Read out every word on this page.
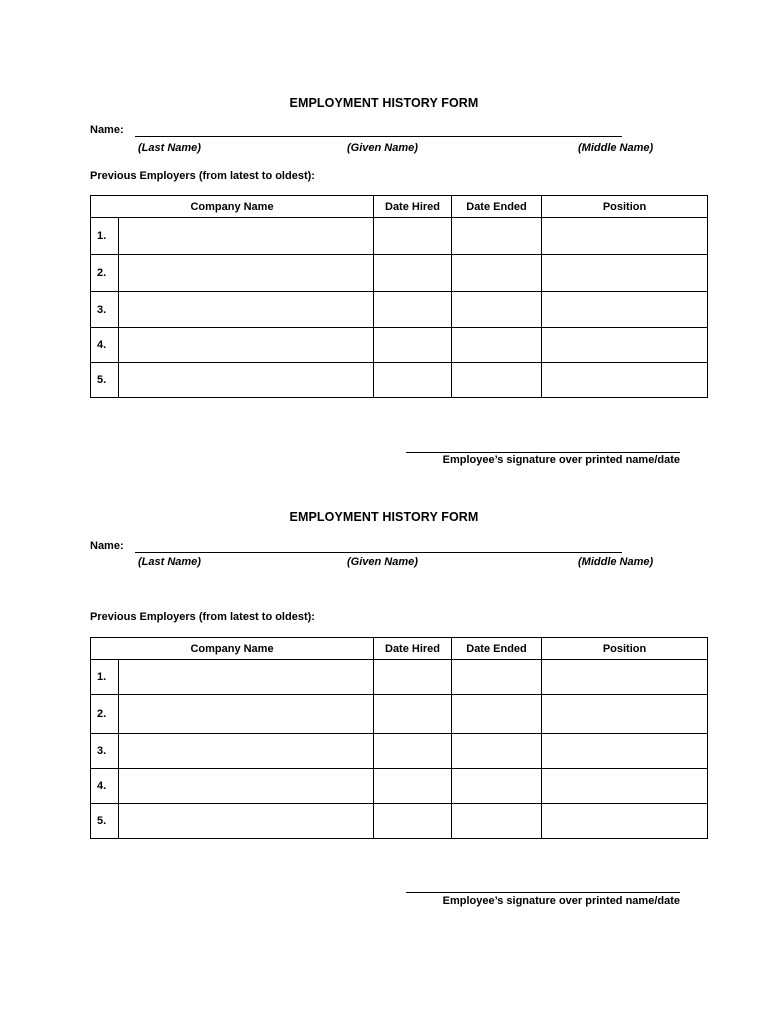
EMPLOYMENT HISTORY FORM
Name:
(Last Name)	(Given Name)	(Middle Name)
Previous Employers (from latest to oldest):
Company Name		Date Hired	Date Ended	Position
1.				
2.				
3.				
4.				
5.				
Employee’s signature over printed name/date
EMPLOYMENT HISTORY FORM
Name:
(Last Name)	(Given Name)	(Middle Name)
Previous Employers (from latest to oldest):
Company Name		Date Hired	Date Ended	Position
1.				
2.				
3.				
4.				
5.				
Employee’s signature over printed name/date
